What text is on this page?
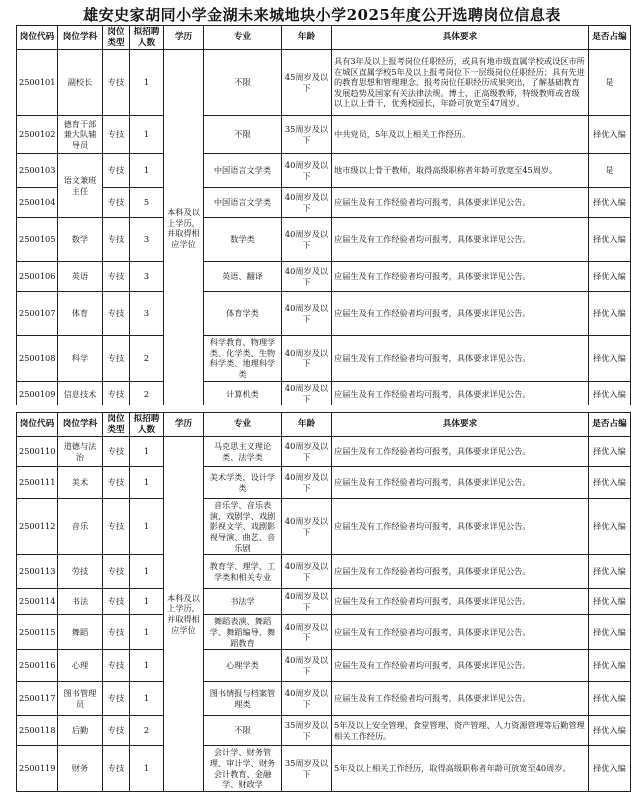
雄安史家胡同小学金湖未来城地块小学2025年度公开选聘岗位信息表
岗位代码	岗位学科	岗位类型	拟招聘人数	学历	专业	年龄	具体要求	是否占编
2500101	副校长	专技	1	本科及以上学历，并取得相应学位	不限	45周岁及以下	具有3年及以上报考岗位任职经历，或具有地市级直属学校或设区市所在城区直属学校5年及以上报考岗位下一层级岗位任职经历；具有先进的教育思想和管理理念，报考岗位任职经历成果突出，了解基础教育发展趋势及国家有关法律法规。博士，正高级教师，特级教师或省级以上以上骨干，优秀校园长，年龄可放宽至47周岁。	是
2500102	德育干部兼大队辅导员	专技	1		不限	35周岁及以下	中共党员，5年及以上相关工作经历。	择优入编
2500103	语文兼班主任	专技	1		中国语言文学类	40周岁及以下	地市级以上骨干教师，取得高级职称者年龄可放宽至45周岁。	是
2500104		专技	5		中国语言文学类	40周岁及以下	应届生及有工作经验者均可报考，具体要求详见公告。	择优入编
2500105	数学	专技	3		数学类	40周岁及以下	应届生及有工作经验者均可报考，具体要求详见公告。	择优入编
2500106	英语	专技	3		英语、翻译	40周岁及以下	应届生及有工作经验者均可报考，具体要求详见公告。	择优入编
2500107	体育	专技	3		体育学类	40周岁及以下	应届生及有工作经验者均可报考，具体要求详见公告。	择优入编
2500108	科学	专技	2		科学教育、物理学类、化学类、生物科学类、地理科学类	40周岁及以下	应届生及有工作经验者均可报考，具体要求详见公告。	择优入编
2500109	信息技术	专技	2		计算机类	40周岁及以下	应届生及有工作经验者均可报考，具体要求详见公告。	择优入编
岗位代码	岗位学科	岗位类型	拟招聘人数	学历	专业	年龄	具体要求	是否占编
2500110	道德与法治	专技	1	本科及以上学历，并取得相应学位	马克思主义理论类、法学类	40周岁及以下	应届生及有工作经验者均可报考，具体要求详见公告。	择优入编
2500111	美术	专技	1		美术学类，设计学类	40周岁及以下	应届生及有工作经验者均可报考，具体要求详见公告。	择优入编
2500112	音乐	专技	1		音乐学、音乐表演、戏剧学、戏剧影视文学、戏剧影视导演、曲艺、音乐剧	40周岁及以下	应届生及有工作经验者均可报考，具体要求详见公告。	择优入编
2500113	劳技	专技	1		教育学、理学、工学类和相关专业	40周岁及以下	应届生及有工作经验者均可报考，具体要求详见公告。	择优入编
2500114	书法	专技	1		书法学	40周岁及以下	应届生及有工作经验者均可报考，具体要求详见公告。	择优入编
2500115	舞蹈	专技	1		舞蹈表演、舞蹈学、舞蹈编导、舞蹈教育	40周岁及以下	应届生及有工作经验者均可报考，具体要求详见公告。	择优入编
2500116	心理	专技	1		心理学类	40周岁及以下	应届生及有工作经验者均可报考，具体要求详见公告。	择优入编
2500117	图书管理员	专技	1		图书情报与档案管理类	40周岁及以下	应届生及有工作经验者均可报考，具体要求详见公告。	择优入编
2500118	后勤	专技	2		不限	35周岁及以下	5年及以上安全管理、食堂管理、资产管理、人力资源管理等后勤管理相关工作经历。	择优入编
2500119	财务	专技	1		会计学、财务管理、审计学、财务会计教育、金融学、财政学	35周岁及以下	5年及以上相关工作经历，取得高级职称者年龄可放宽至40周岁。	择优入编
